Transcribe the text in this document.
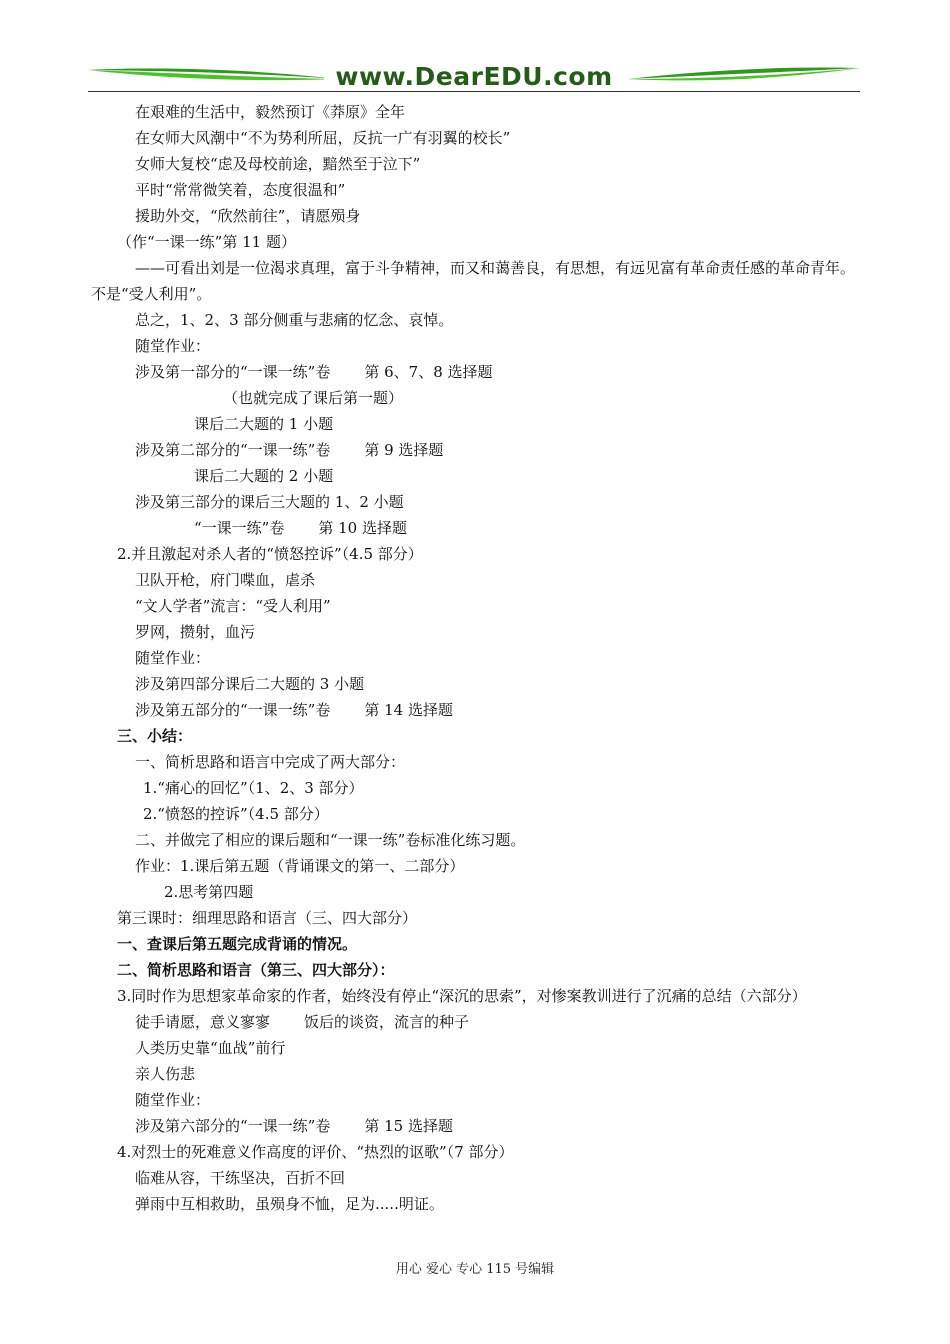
www.DearEDU.com
在艰难的生活中，毅然预订《莽原》全年
在女师大风潮中“不为势利所屈，反抗一广有羽翼的校长”
女师大复校“虑及母校前途，黯然至于泣下”
平时“常常微笑着，态度很温和”
援助外交，“欣然前往”，请愿殒身
（作“一课一练”第 11 题）
——可看出刘是一位渴求真理，富于斗争精神，而又和蔼善良，有思想，有远见富有革命责任感的革命青年。不是“受人利用”。
总之，1、2、3 部分侧重与悲痛的忆念、哀悼。
随堂作业：
涉及第一部分的“一课一练”卷 第 6、7、8 选择题
（也就完成了课后第一题）
课后二大题的 1 小题
涉及第二部分的“一课一练”卷 第 9 选择题
课后二大题的 2 小题
涉及第三部分的课后三大题的 1、2 小题
“一课一练”卷 第 10 选择题
2.并且激起对杀人者的“愤怒控诉”（4.5 部分）
卫队开枪，府门喋血，虐杀
“文人学者”流言：“受人利用”
罗网，攒射，血污
随堂作业：
涉及第四部分课后二大题的 3 小题
涉及第五部分的“一课一练”卷 第 14 选择题
三、小结：
一、简析思路和语言中完成了两大部分：
1.“痛心的回忆”（1、2、3 部分）
2.“愤怒的控诉”（4.5 部分）
二、并做完了相应的课后题和“一课一练”卷标准化练习题。
作业：1.课后第五题（背诵课文的第一、二部分）
2.思考第四题
第三课时：细理思路和语言（三、四大部分）
一、查课后第五题完成背诵的情况。
二、简析思路和语言（第三、四大部分）：
3.同时作为思想家革命家的作者，始终没有停止“深沉的思索”，对惨案教训进行了沉痛的总结（六部分）
徒手请愿，意义寥寥 饭后的谈资，流言的种子
人类历史靠“血战”前行
亲人伤悲
随堂作业：
涉及第六部分的“一课一练”卷 第 15 选择题
4.对烈士的死难意义作高度的评价、“热烈的讴歌”（7 部分）
临难从容，干练坚决，百折不回
弹雨中互相救助，虽殒身不恤，足为.....明证。
用心 爱心 专心 115 号编辑
